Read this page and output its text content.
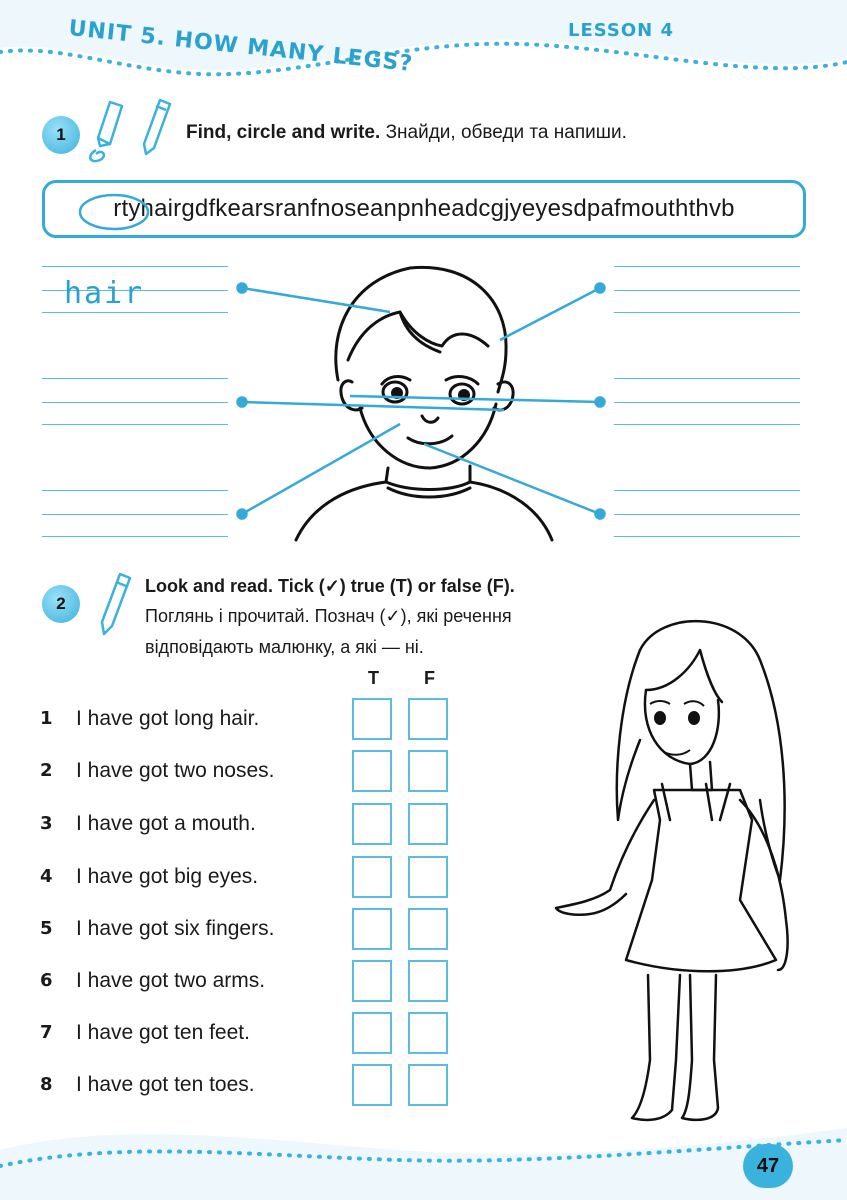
UNIT 5. HOW MANY LEGS?	LESSON 4
1	Find, circle and write. Знайди, обведи та напиши.
rtyhairgdfkearsranfnoseanpnheadcgjyeyesdpafmouththvb
hair
2
Look and read. Tick (✓) true (T) or false (F).
Поглянь і прочитай. Познач (✓), які речення
відповідають малюнку, а які — ні.
T	F
1 I have got long hair.
2 I have got two noses.
3 I have got a mouth.
4 I have got big eyes.
5 I have got six fingers.
6 I have got two arms.
7 I have got ten feet.
8 I have got ten toes.
47
